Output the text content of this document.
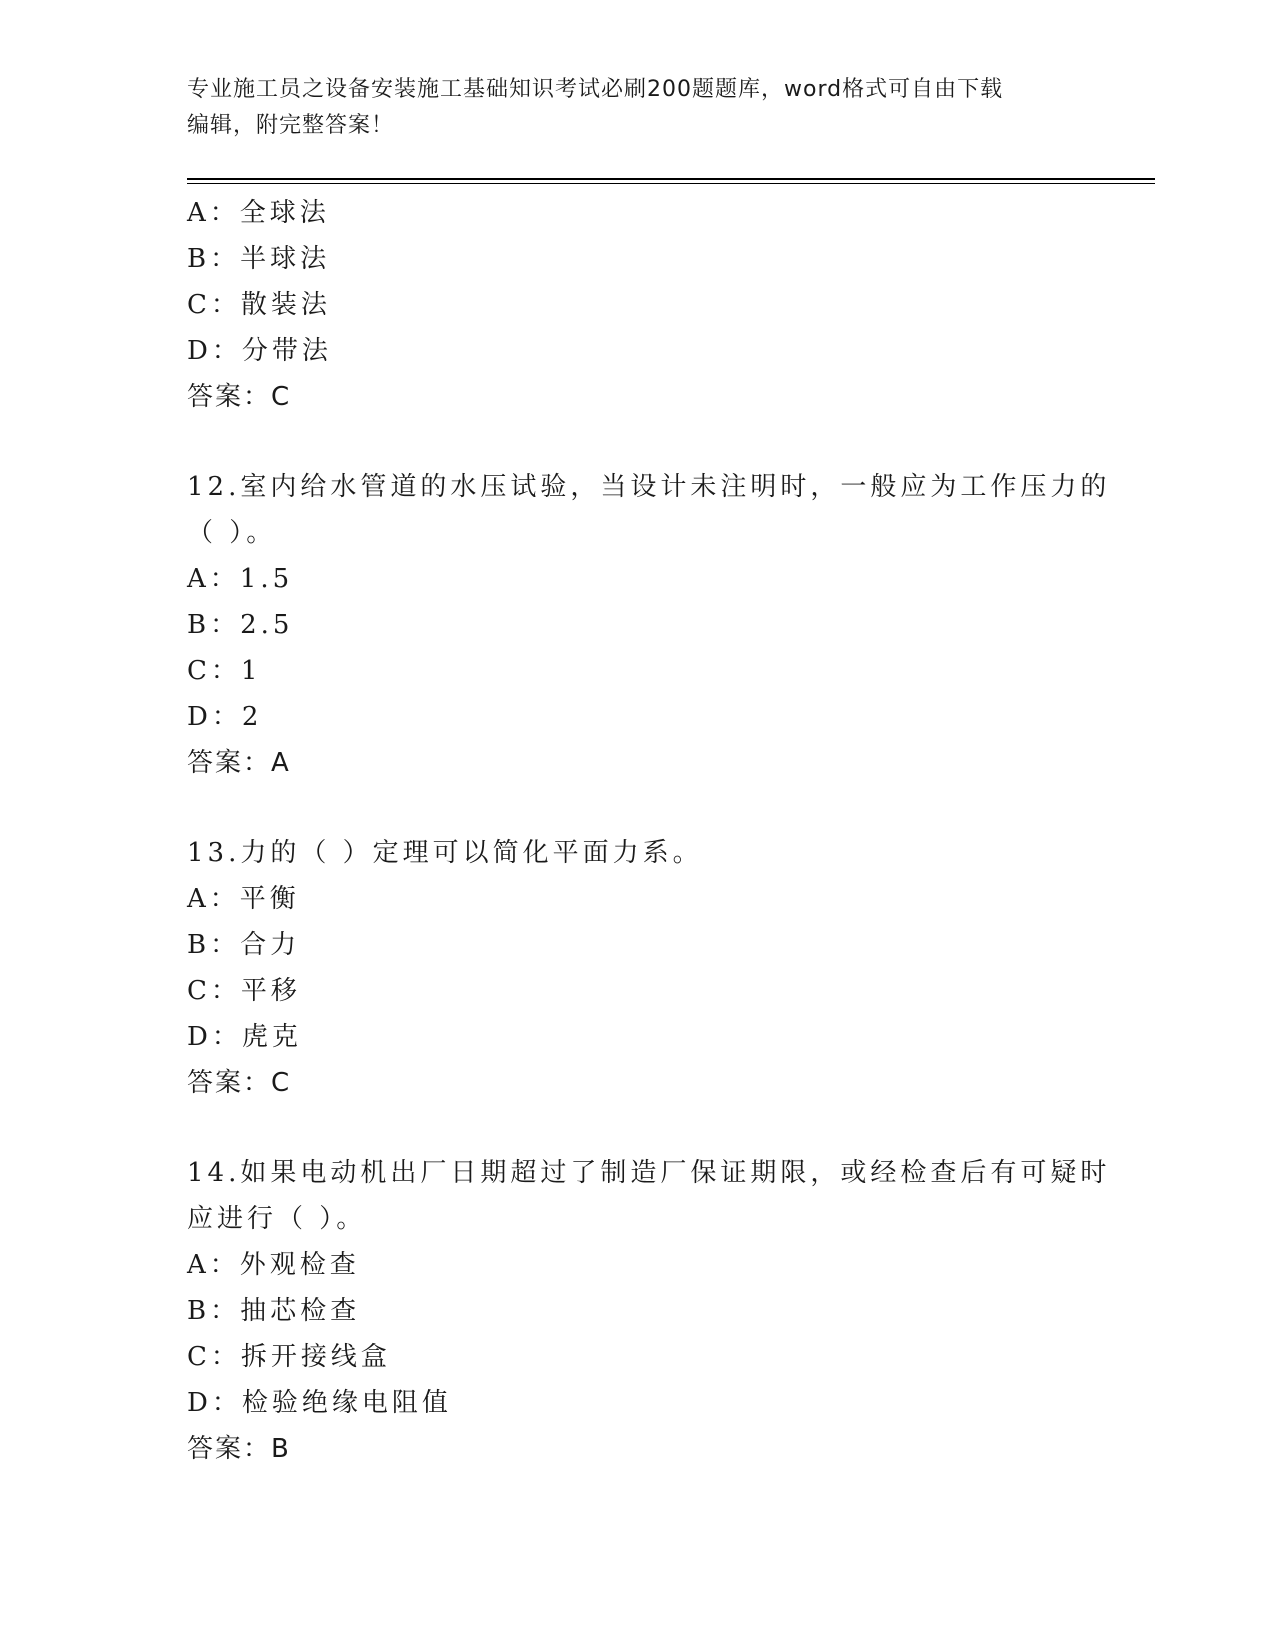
专业施工员之设备安装施工基础知识考试必刷200题题库，word格式可自由下载
编辑，附完整答案！
A：全球法
B：半球法
C：散装法
D：分带法
答案：C
12.室内给水管道的水压试验，当设计未注明时，一般应为工作压力的
（ ）。
A：1.5
B：2.5
C：1
D：2
答案：A
13.力的（ ）定理可以简化平面力系。
A：平衡
B：合力
C：平移
D：虎克
答案：C
14.如果电动机出厂日期超过了制造厂保证期限，或经检查后有可疑时
应进行（ ）。
A：外观检查
B：抽芯检查
C：拆开接线盒
D：检验绝缘电阻值
答案：B
